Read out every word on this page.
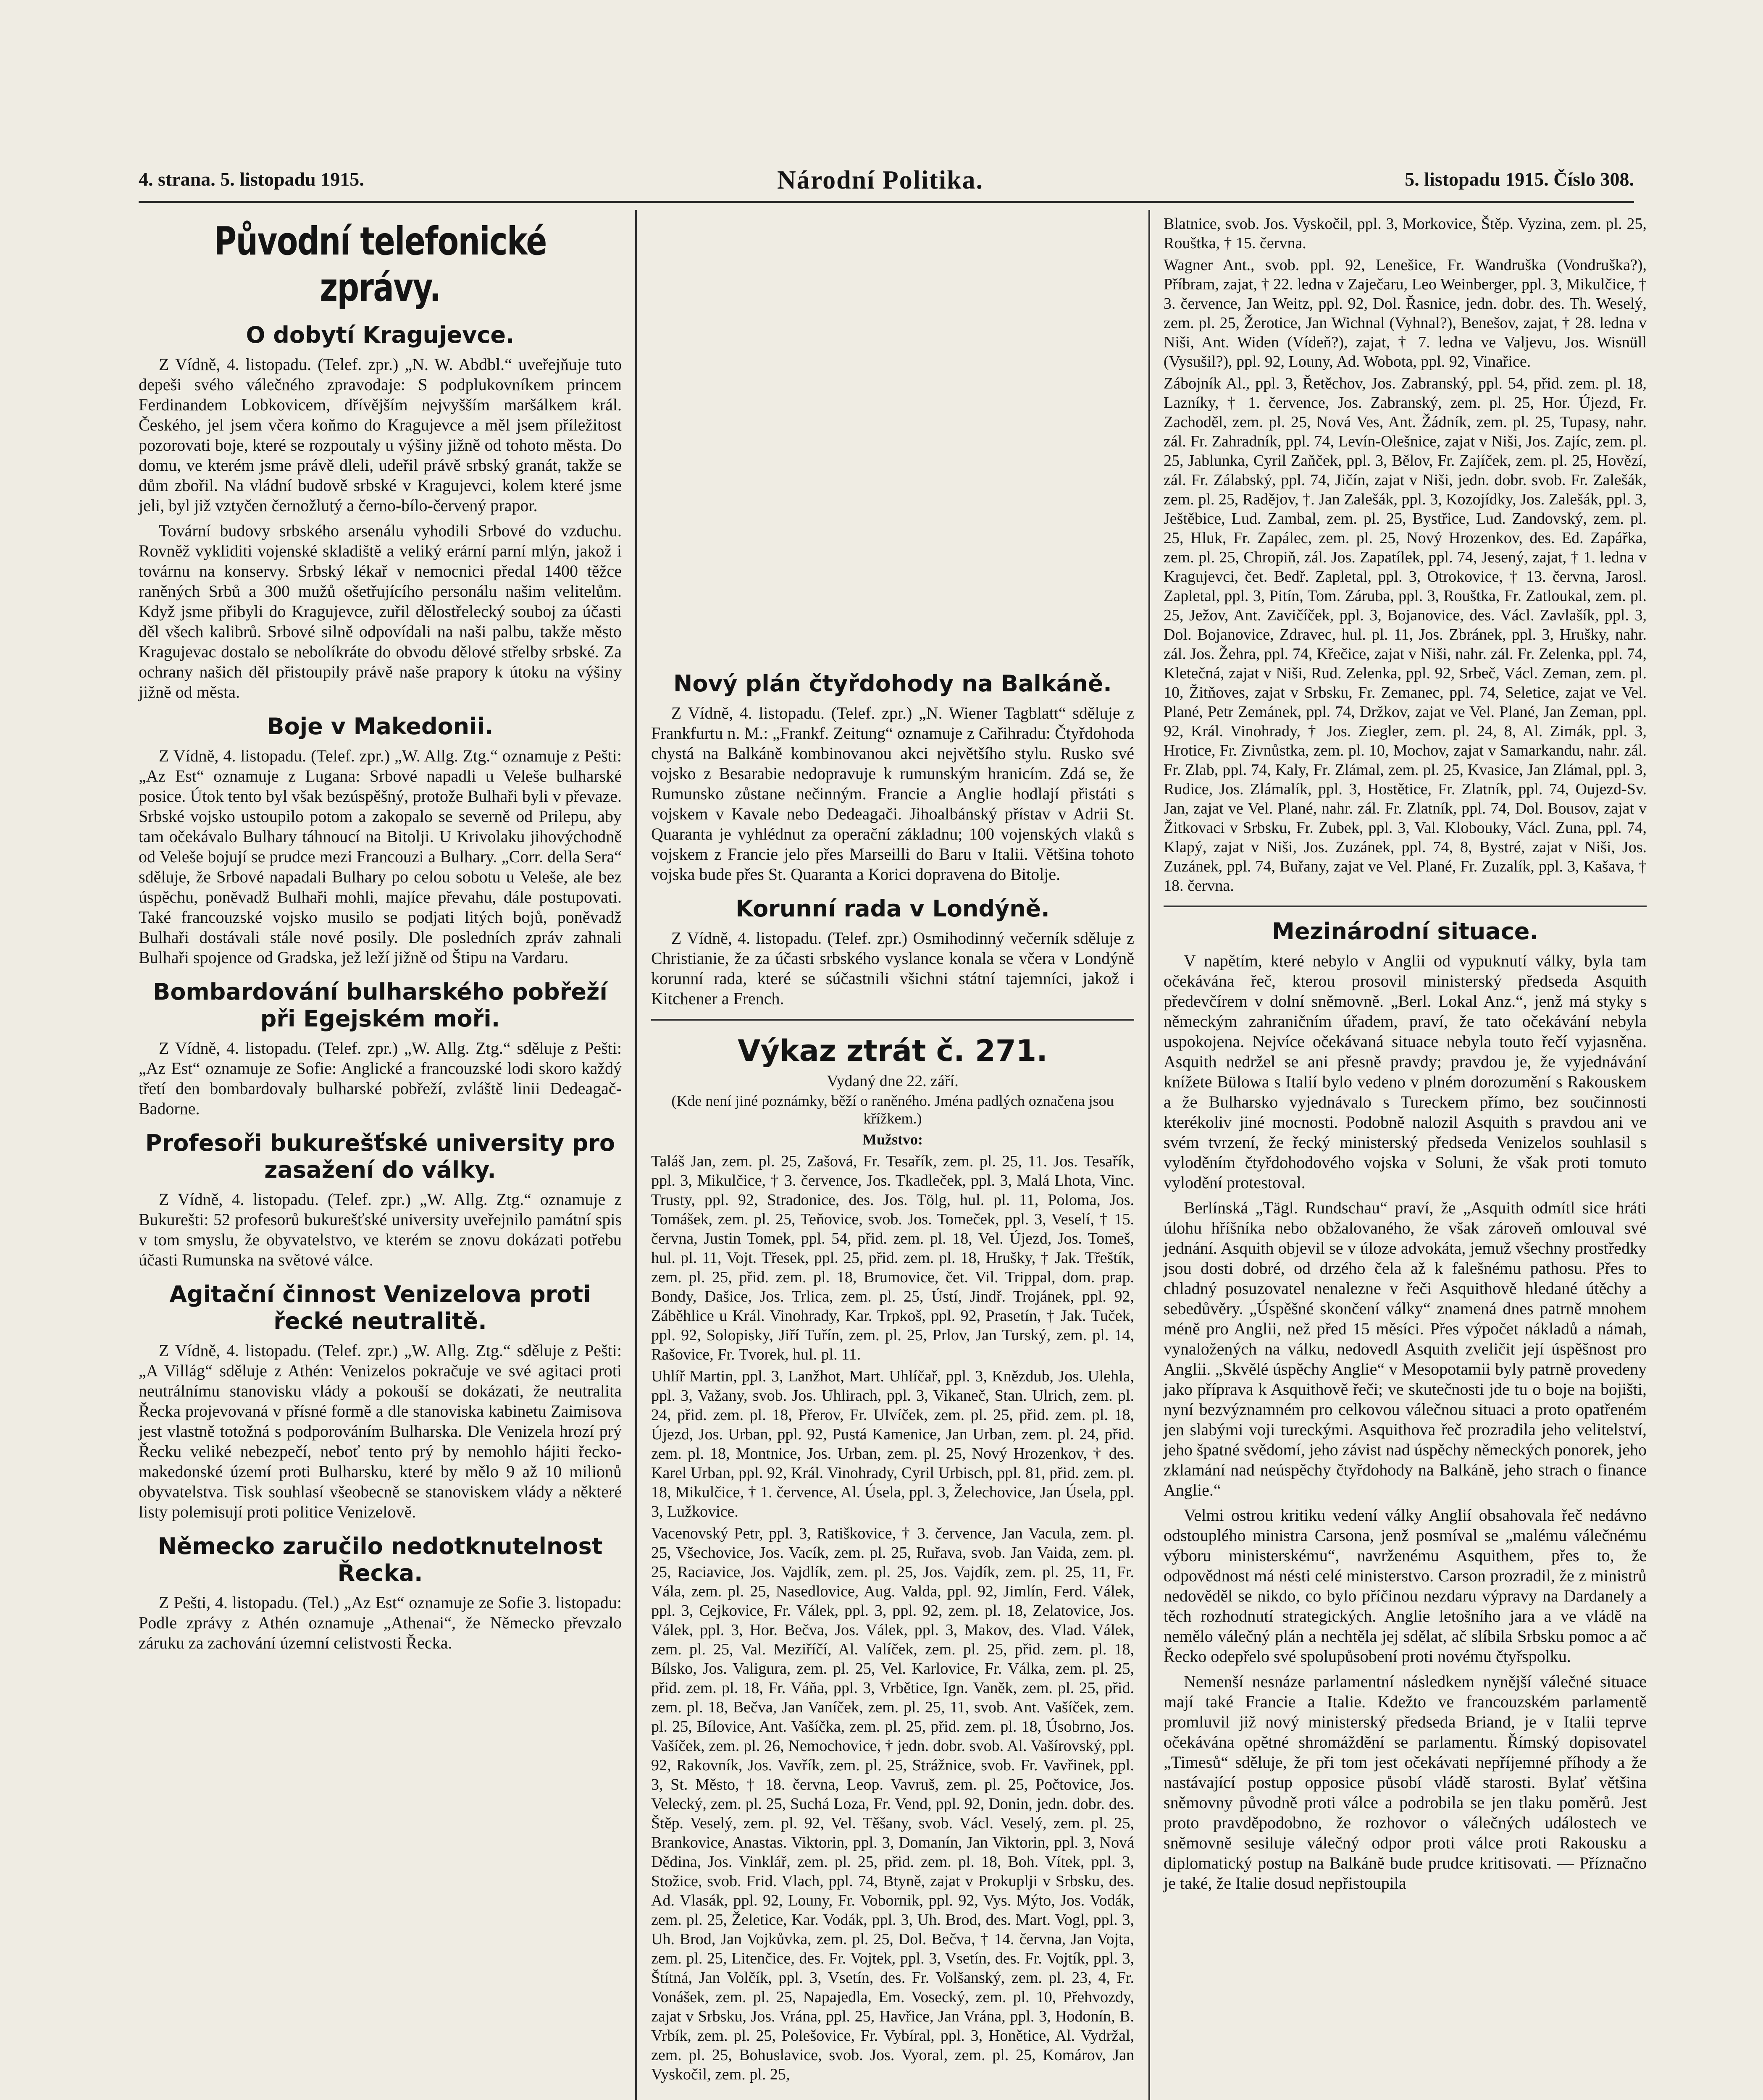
4. strana. 5. listopadu 1915.	Národní Politika.	5. listopadu 1915. Číslo 308.
Původní telefonické zprávy.
O dobytí Kragujevce.

Z Vídně, 4. listopadu. (Telef. zpr.) „N. W. Abdbl.“ uveřejňuje tuto depeši svého válečného zpravodaje: S podplukovníkem princem Ferdinandem Lobkovicem, dřívějším nejvyšším maršálkem král. Českého, jel jsem včera koňmo do Kragujevce a měl jsem příležitost pozorovati boje, které se rozpoutaly u výšiny jižně od tohoto města. Do domu, ve kterém jsme právě dleli, udeřil právě srbský granát, takže se dům zbořil. Na vládní budově srbské v Kragujevci, kolem které jsme jeli, byl již vztyčen černožlutý a černo-bílo-červený prapor.

Tovární budovy srbského arsenálu vyhodili Srbové do vzduchu. Rovněž vykliditi vojenské skladiště a veliký erární parní mlýn, jakož i továrnu na konservy. Srbský lékař v nemocnici předal 1400 těžce raněných Srbů a 300 mužů ošetřujícího personálu našim velitelům. Když jsme přibyli do Kragujevce, zuřil dělostřelecký souboj za účasti děl všech kalibrů. Srbové silně odpovídali na naši palbu, takže město Kragujevac dostalo se nebolíkráte do obvodu dělové střelby srbské. Za ochrany našich děl přistoupily právě naše prapory k útoku na výšiny jižně od města.

Boje v Makedonii.

Z Vídně, 4. listopadu. (Telef. zpr.) „W. Allg. Ztg.“ oznamuje z Pešti: „Az Est“ oznamuje z Lugana: Srbové napadli u Veleše bulharské posice. Útok tento byl však bezúspěšný, protože Bulhaři byli v převaze. Srbské vojsko ustoupilo potom a zakopalo se severně od Prilepu, aby tam očekávalo Bulhary táhnoucí na Bitolji. U Krivolaku jihovýchodně od Veleše bojují se prudce mezi Francouzi a Bulhary. „Corr. della Sera“ sděluje, že Srbové napadali Bulhary po celou sobotu u Veleše, ale bez úspěchu, poněvadž Bulhaři mohli, majíce převahu, dále postupovati. Také francouzské vojsko musilo se podjati litých bojů, poněvadž Bulhaři dostávali stále nové posily. Dle posledních zpráv zahnali Bulhaři spojence od Gradska, jež leží jižně od Štipu na Vardaru.

Bombardování bulharského pobřeží při Egejském moři.

Z Vídně, 4. listopadu. (Telef. zpr.) „W. Allg. Ztg.“ sděluje z Pešti: „Az Est“ oznamuje ze Sofie: Anglické a francouzské lodi skoro každý třetí den bombardovaly bulharské pobřeží, zvláště linii Dedeagač-Badorne.

Profesoři bukurešťské university pro zasažení do války.

Z Vídně, 4. listopadu. (Telef. zpr.) „W. Allg. Ztg.“ oznamuje z Bukurešti: 52 profesorů bukurešťské university uveřejnilo památní spis v tom smyslu, že obyvatelstvo, ve kterém se znovu dokázati potřebu účasti Rumunska na světové válce.

Agitační činnost Venizelova proti řecké neutralitě.

Z Vídně, 4. listopadu. (Telef. zpr.) „W. Allg. Ztg.“ sděluje z Pešti: „A Villág“ sděluje z Athén: Venizelos pokračuje ve své agitaci proti neutrálnímu stanovisku vlády a pokouší se dokázati, že neutralita Řecka projevovaná v přísné formě a dle stanoviska kabinetu Zaimisova jest vlastně totožná s podporováním Bulharska. Dle Venizela hrozí prý Řecku veliké nebezpečí, neboť tento prý by nemohlo hájiti řecko-makedonské území proti Bulharsku, které by mělo 9 až 10 milionů obyvatelstva. Tisk souhlasí všeobecně se stanoviskem vlády a některé listy polemisují proti politice Venizelově.

Německo zaručilo nedotknutelnost Řecka.

Z Pešti, 4. listopadu. (Tel.) „Az Est“ oznamuje ze Sofie 3. listopadu: Podle zprávy z Athén oznamuje „Athenai“, že Německo převzalo záruku za zachování územní celistvosti Řecka.

Nový plán čtyřdohody na Balkáně.

Z Vídně, 4. listopadu. (Telef. zpr.) „N. Wiener Tagblatt“ sděluje z Frankfurtu n. M.: „Frankf. Zeitung“ oznamuje z Cařihradu: Čtyřdohoda chystá na Balkáně kombinovanou akci největšího stylu. Rusko své vojsko z Besarabie nedopravuje k rumunským hranicím. Zdá se, že Rumunsko zůstane nečinným. Francie a Anglie hodlají přistáti s vojskem v Kavale nebo Dedeagači. Jihoalbánský přístav v Adrii St. Quaranta je vyhlédnut za operační základnu; 100 vojenských vlaků s vojskem z Francie jelo přes Marseilli do Baru v Italii. Většina tohoto vojska bude přes St. Quaranta a Korici dopravena do Bitolje.

Korunní rada v Londýně.

Z Vídně, 4. listopadu. (Telef. zpr.) Osmihodinný večerník sděluje z Christianie, že za účasti srbského vyslance konala se včera v Londýně korunní rada, které se súčastnili všichni státní tajemníci, jakož i Kitchener a French.

Výkaz ztrát č. 271.
Vydaný dne 22. září.
(Kde není jiné poznámky, běží o raněného. Jména padlých označena jsou křížkem.)
Mužstvo:

Taláš Jan, zem. pl. 25, Zašová, Fr. Tesařík, zem. pl. 25, 11. Jos. Tesařík, ppl. 3, Mikulčice, † 3. července, Jos. Tkadleček, ppl. 3, Malá Lhota, Vinc. Trusty, ppl. 92, Stradonice, des. Jos. Tölg, hul. pl. 11, Poloma, Jos. Tomášek, zem. pl. 25, Teňovice, svob. Jos. Tomeček, ppl. 3, Veselí, † 15. června, Justin Tomek, ppl. 54, přid. zem. pl. 18, Vel. Újezd, Jos. Tomeš, hul. pl. 11, Vojt. Třesek, ppl. 25, přid. zem. pl. 18, Hrušky, † Jak. Třeštík, zem. pl. 25, přid. zem. pl. 18, Brumovice, čet. Vil. Trippal, dom. prap. Bondy, Dašice, Jos. Trlica, zem. pl. 25, Ústí, Jindř. Trojánek, ppl. 92, Záběhlice u Král. Vinohrady, Kar. Trpkoš, ppl. 92, Prasetín, † Jak. Tuček, ppl. 92, Solopisky, Jiří Tuřín, zem. pl. 25, Prlov, Jan Turský, zem. pl. 14, Rašovice, Fr. Tvorek, hul. pl. 11.

Uhlíř Martin, ppl. 3, Lanžhot, Mart. Uhlíčař, ppl. 3, Knězdub, Jos. Ulehla, ppl. 3, Važany, svob. Jos. Uhlirach, ppl. 3, Vikaneč, Stan. Ulrich, zem. pl. 24, přid. zem. pl. 18, Přerov, Fr. Ulvíček, zem. pl. 25, přid. zem. pl. 18, Újezd, Jos. Urban, ppl. 92, Pustá Kamenice, Jan Urban, zem. pl. 24, přid. zem. pl. 18, Montnice, Jos. Urban, zem. pl. 25, Nový Hrozenkov, † des. Karel Urban, ppl. 92, Král. Vinohrady, Cyril Urbisch, ppl. 81, přid. zem. pl. 18, Mikulčice, † 1. července, Al. Úsela, ppl. 3, Želechovice, Jan Úsela, ppl. 3, Lužkovice.

Vacenovský Petr, ppl. 3, Ratiškovice, † 3. července, Jan Vacula, zem. pl. 25, Všechovice, Jos. Vacík, zem. pl. 25, Ruřava, svob. Jan Vaida, zem. pl. 25, Raciavice, Jos. Vajdlík, zem. pl. 25, Jos. Vajdík, zem. pl. 25, 11, Fr. Vála, zem. pl. 25, Nasedlovice, Aug. Valda, ppl. 92, Jimlín, Ferd. Válek, ppl. 3, Cejkovice, Fr. Válek, ppl. 3, ppl. 92, zem. pl. 18, Zelatovice, Jos. Válek, ppl. 3, Hor. Bečva, Jos. Válek, ppl. 3, Makov, des. Vlad. Válek, zem. pl. 25, Val. Meziříčí, Al. Valíček, zem. pl. 25, přid. zem. pl. 18, Bílsko, Jos. Valigura, zem. pl. 25, Vel. Karlovice, Fr. Válka, zem. pl. 25, přid. zem. pl. 18, Fr. Váňa, ppl. 3, Vrbětice, Ign. Vaněk, zem. pl. 25, přid. zem. pl. 18, Bečva, Jan Vaníček, zem. pl. 25, 11, svob. Ant. Vašíček, zem. pl. 25, Bílovice, Ant. Vašíčka, zem. pl. 25, přid. zem. pl. 18, Úsobrno, Jos. Vašíček, zem. pl. 26, Nemochovice, † jedn. dobr. svob. Al. Vašírovský, ppl. 92, Rakovník, Jos. Vavřík, zem. pl. 25, Strážnice, svob. Fr. Vavřinek, ppl. 3, St. Město, † 18. června, Leop. Vavruš, zem. pl. 25, Počtovice, Jos. Velecký, zem. pl. 25, Suchá Loza, Fr. Vend, ppl. 92, Donin, jedn. dobr. des. Štěp. Veselý, zem. pl. 92, Vel. Těšany, svob. Václ. Veselý, zem. pl. 25, Brankovice, Anastas. Viktorin, ppl. 3, Domanín, Jan Viktorin, ppl. 3, Nová Dědina, Jos. Vinklář, zem. pl. 25, přid. zem. pl. 18, Boh. Vítek, ppl. 3, Stožice, svob. Frid. Vlach, ppl. 74, Btyně, zajat v Prokuplji v Srbsku, des. Ad. Vlasák, ppl. 92, Louny, Fr. Vobornik, ppl. 92, Vys. Mýto, Jos. Vodák, zem. pl. 25, Želetice, Kar. Vodák, ppl. 3, Uh. Brod, des. Mart. Vogl, ppl. 3, Uh. Brod, Jan Vojkůvka, zem. pl. 25, Dol. Bečva, † 14. června, Jan Vojta, zem. pl. 25, Litenčice, des. Fr. Vojtek, ppl. 3, Vsetín, des. Fr. Vojtík, ppl. 3, Štítná, Jan Volčík, ppl. 3, Vsetín, des. Fr. Volšanský, zem. pl. 23, 4, Fr. Vonášek, zem. pl. 25, Napajedla, Em. Vosecký, zem. pl. 10, Přehvozdy, zajat v Srbsku, Jos. Vrána, ppl. 25, Havřice, Jan Vrána, ppl. 3, Hodonín, B. Vrbík, zem. pl. 25, Polešovice, Fr. Vybíral, ppl. 3, Honětice, Al. Vydržal, zem. pl. 25, Bohuslavice, svob. Jos. Vyoral, zem. pl. 25, Komárov, Jan Vyskočil, zem. pl. 25,

Blatnice, svob. Jos. Vyskočil, ppl. 3, Morkovice, Štěp. Vyzina, zem. pl. 25, Rouštka, † 15. června.

Wagner Ant., svob. ppl. 92, Lenešice, Fr. Wandruška (Vondruška?), Příbram, zajat, † 22. ledna v Zaječaru, Leo Weinberger, ppl. 3, Mikulčice, † 3. července, Jan Weitz, ppl. 92, Dol. Řasnice, jedn. dobr. des. Th. Weselý, zem. pl. 25, Žerotice, Jan Wichnal (Vyhnal?), Benešov, zajat, † 28. ledna v Niši, Ant. Widen (Vídeň?), zajat, † 7. ledna ve Valjevu, Jos. Wisnüll (Vysušil?), ppl. 92, Louny, Ad. Wobota, ppl. 92, Vinařice.

Zábojník Al., ppl. 3, Řetěchov, Jos. Zabranský, ppl. 54, přid. zem. pl. 18, Lazníky, † 1. července, Jos. Zabranský, zem. pl. 25, Hor. Újezd, Fr. Zachoděl, zem. pl. 25, Nová Ves, Ant. Žádník, zem. pl. 25, Tupasy, nahr. zál. Fr. Zahradník, ppl. 74, Levín-Olešnice, zajat v Niši, Jos. Zajíc, zem. pl. 25, Jablunka, Cyril Zaňček, ppl. 3, Bělov, Fr. Zajíček, zem. pl. 25, Hovězí, zál. Fr. Zálabský, ppl. 74, Jičín, zajat v Niši, jedn. dobr. svob. Fr. Zalešák, zem. pl. 25, Radějov, †. Jan Zalešák, ppl. 3, Kozojídky, Jos. Zalešák, ppl. 3, Ještěbice, Lud. Zambal, zem. pl. 25, Bystřice, Lud. Zandovský, zem. pl. 25, Hluk, Fr. Zapálec, zem. pl. 25, Nový Hrozenkov, des. Ed. Zapářka, zem. pl. 25, Chropiň, zál. Jos. Zapatílek, ppl. 74, Jesený, zajat, † 1. ledna v Kragujevci, čet. Bedř. Zapletal, ppl. 3, Otrokovice, † 13. června, Jarosl. Zapletal, ppl. 3, Pitín, Tom. Záruba, ppl. 3, Rouštka, Fr. Zatloukal, zem. pl. 25, Ježov, Ant. Zavičíček, ppl. 3, Bojanovice, des. Václ. Zavlašík, ppl. 3, Dol. Bojanovice, Zdravec, hul. pl. 11, Jos. Zbránek, ppl. 3, Hrušky, nahr. zál. Jos. Žehra, ppl. 74, Křečice, zajat v Niši, nahr. zál. Fr. Zelenka, ppl. 74, Kletečná, zajat v Niši, Rud. Zelenka, ppl. 92, Srbeč, Václ. Zeman, zem. pl. 10, Žitňoves, zajat v Srbsku, Fr. Zemanec, ppl. 74, Seletice, zajat ve Vel. Plané, Petr Zemánek, ppl. 74, Držkov, zajat ve Vel. Plané, Jan Zeman, ppl. 92, Král. Vinohrady, † Jos. Ziegler, zem. pl. 24, 8, Al. Zimák, ppl. 3, Hrotice, Fr. Zivnůstka, zem. pl. 10, Mochov, zajat v Samarkandu, nahr. zál. Fr. Zlab, ppl. 74, Kaly, Fr. Zlámal, zem. pl. 25, Kvasice, Jan Zlámal, ppl. 3, Rudice, Jos. Zlámalík, ppl. 3, Hostětice, Fr. Zlatník, ppl. 74, Oujezd-Sv. Jan, zajat ve Vel. Plané, nahr. zál. Fr. Zlatník, ppl. 74, Dol. Bousov, zajat v Žitkovaci v Srbsku, Fr. Zubek, ppl. 3, Val. Klobouky, Václ. Zuna, ppl. 74, Klapý, zajat v Niši, Jos. Zuzánek, ppl. 74, 8, Bystré, zajat v Niši, Jos. Zuzánek, ppl. 74, Buřany, zajat ve Vel. Plané, Fr. Zuzalík, ppl. 3, Kašava, † 18. června.

Mezinárodní situace.

V napětím, které nebylo v Anglii od vypuknutí války, byla tam očekávána řeč, kterou prosovil ministerský předseda Asquith předevčírem v dolní sněmovně. „Berl. Lokal Anz.“, jenž má styky s německým zahraničním úřadem, praví, že tato očekávání nebyla uspokojena. Nejvíce očekávaná situace nebyla touto řečí vyjasněna. Asquith nedržel se ani přesně pravdy; pravdou je, že vyjednávání knížete Bülowa s Italií bylo vedeno v plném dorozumění s Rakouskem a že Bulharsko vyjednávalo s Tureckem přímo, bez součinnosti kterékoliv jiné mocnosti. Podobně nalozil Asquith s pravdou ani ve svém tvrzení, že řecký ministerský předseda Venizelos souhlasil s vyloděním čtyřdohodového vojska v Soluni, že však proti tomuto vylodění protestoval.

Berlínská „Tägl. Rundschau“ praví, že „Asquith odmítl sice hráti úlohu hříšníka nebo obžalovaného, že však zároveň omlouval své jednání. Asquith objevil se v úloze advokáta, jemuž všechny prostředky jsou dosti dobré, od drzého čela až k falešnému pathosu. Přes to chladný posuzovatel nenalezne v řeči Asquithově hledané útěchy a sebedůvěry. „Úspěšné skončení války“ znamená dnes patrně mnohem méně pro Anglii, než před 15 měsíci. Přes výpočet nákladů a námah, vynaložených na válku, nedovedl Asquith zveličit její úspěšnost pro Anglii. „Skvělé úspěchy Anglie“ v Mesopotamii byly patrně provedeny jako příprava k Asquithově řeči; ve skutečnosti jde tu o boje na bojišti, nyní bezvýznamném pro celkovou válečnou situaci a proto opatřeném jen slabými voji tureckými. Asquithova řeč prozradila jeho velitelství, jeho špatné svědomí, jeho závist nad úspěchy německých ponorek, jeho zklamání nad neúspěchy čtyřdohody na Balkáně, jeho strach o finance Anglie.“

Velmi ostrou kritiku vedení války Anglií obsahovala řeč nedávno odstouplého ministra Carsona, jenž posmíval se „malému válečnému výboru ministerskému“, navrženému Asquithem, přes to, že odpovědnost má nésti celé ministerstvo. Carson prozradil, že z ministrů nedověděl se nikdo, co bylo příčinou nezdaru výpravy na Dardanely a těch rozhodnutí strategických. Anglie letošního jara a ve vládě na nemělo válečný plán a nechtěla jej sdělat, ač slíbila Srbsku pomoc a ač Řecko odepřelo své spolupůsobení proti novému čtyřspolku.

Nemenší nesnáze parlamentní následkem nynější válečné situace mají také Francie a Italie. Kdežto ve francouzském parlamentě promluvil již nový ministerský předseda Briand, je v Italii teprve očekávána opětné shromáždění se parlamentu. Římský dopisovatel „Timesů“ sděluje, že při tom jest očekávati nepříjemné příhody a že nastávající postup opposice působí vládě starosti. Bylať většina sněmovny původně proti válce a podrobila se jen tlaku poměrů. Jest proto pravděpodobno, že rozhovor o válečných událostech ve sněmovně sesiluje válečný odpor proti válce proti Rakousku a diplomatický postup na Balkáně bude prudce kritisovati. — Příznačno je také, že Italie dosud nepřistoupila
